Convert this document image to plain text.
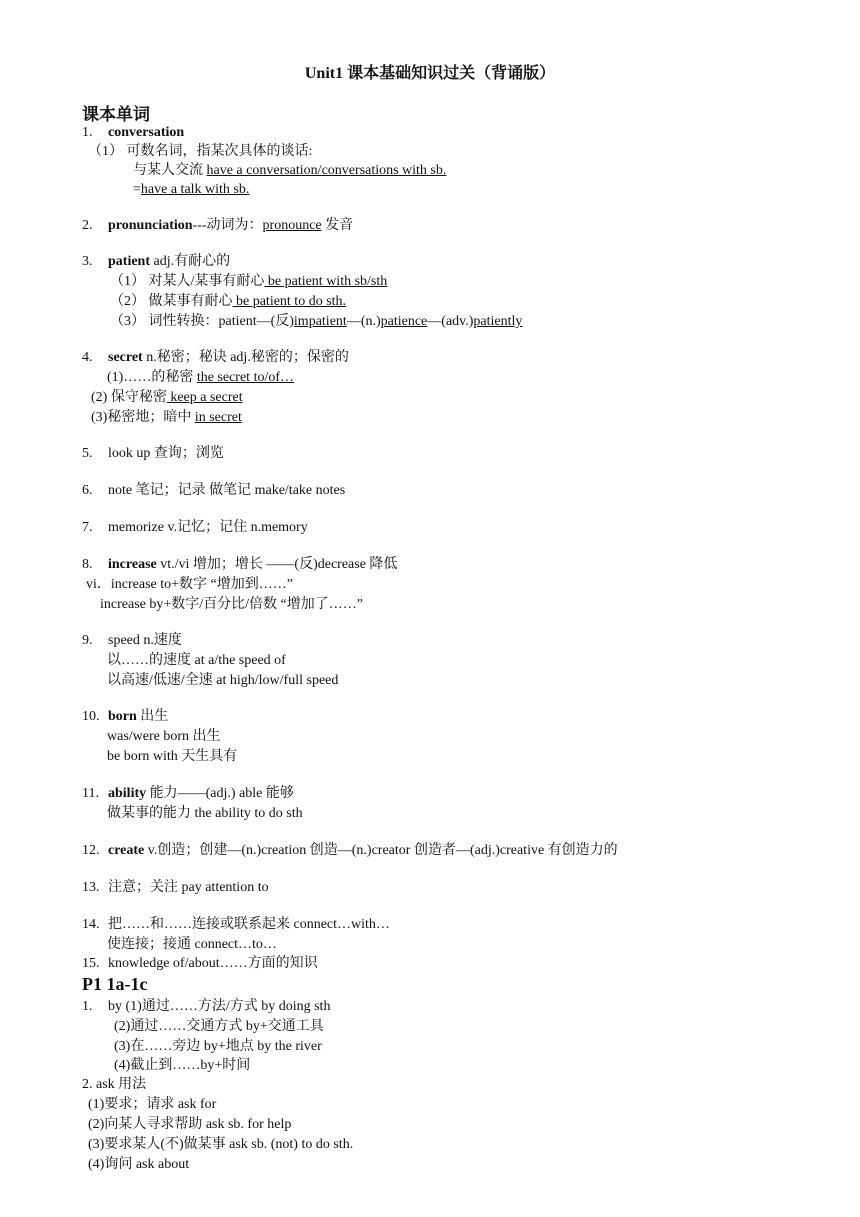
Unit1 课本基础知识过关（背诵版）
课本单词
1. conversation
（1） 可数名词，指某次具体的谈话:
与某人交流 have a conversation/conversations with sb.
=have a talk with sb.
2. pronunciation---动词为：pronounce 发音
3. patient adj.有耐心的
（1） 对某人/某事有耐心 be patient with sb/sth
（2） 做某事有耐心 be patient to do sth.
（3） 词性转换：patient—(反)impatient—(n.)patience—(adv.)patiently
4. secret n.秘密；秘诀 adj.秘密的；保密的
(1)……的秘密 the secret to/of…
(2) 保守秘密 keep a secret
(3)秘密地；暗中 in secret
5. look up 查询；浏览
6. note 笔记；记录 做笔记 make/take notes
7. memorize v.记忆；记住 n.memory
8. increase vt./vi 增加；增长 ——(反)decrease 降低
vi．increase to+数字 “增加到……”
increase by+数字/百分比/倍数 “增加了……”
9. speed n.速度
以……的速度 at a/the speed of
以高速/低速/全速 at high/low/full speed
10. born 出生
was/were born 出生
be born with 天生具有
11. ability 能力——(adj.) able 能够
做某事的能力 the ability to do sth
12. create v.创造；创建—(n.)creation 创造—(n.)creator 创造者—(adj.)creative 有创造力的
13. 注意；关注 pay attention to
14. 把……和……连接或联系起来 connect…with…
使连接；接通 connect…to…
15. knowledge of/about……方面的知识
P1 1a-1c
1. by (1)通过……方法/方式 by doing sth
(2)通过……交通方式 by+交通工具
(3)在……旁边 by+地点 by the river
(4)截止到……by+时间
2. ask 用法
(1)要求；请求 ask for
(2)向某人寻求帮助 ask sb. for help
(3)要求某人(不)做某事 ask sb. (not) to do sth.
(4)询问 ask about
